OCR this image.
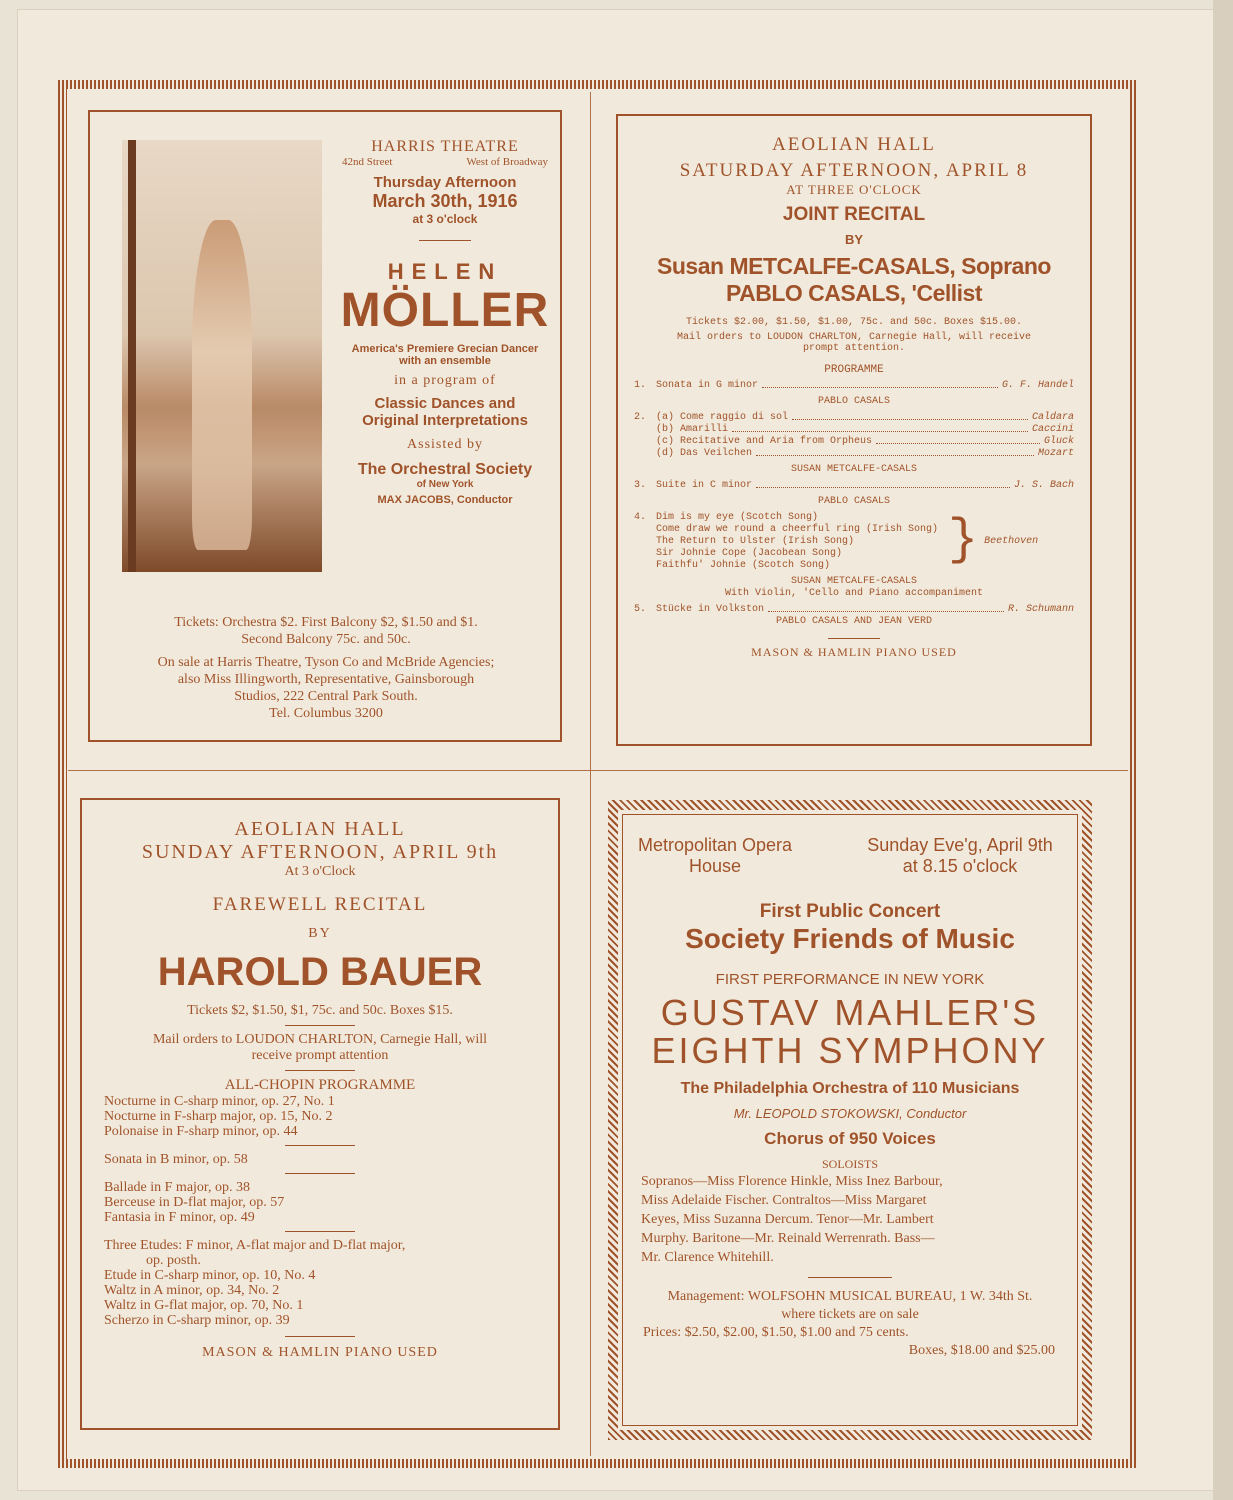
HARRIS THEATRE
42nd Street	West of Broadway
Thursday Afternoon
March 30th, 1916
at 3 o'clock
HELEN
MÖLLER
America's Premiere Grecian Dancer
with an ensemble
in a program of
Classic Dances and
Original Interpretations
Assisted by
The Orchestral Society
of New York
MAX JACOBS, Conductor
Tickets: Orchestra $2. First Balcony $2, $1.50 and $1.
Second Balcony 75c. and 50c.
On sale at Harris Theatre, Tyson Co and McBride Agencies;
also Miss Illingworth, Representative, Gainsborough
Studios, 222 Central Park South.
Tel. Columbus 3200
AEOLIAN HALL
SATURDAY AFTERNOON, APRIL 8
AT THREE O'CLOCK
JOINT RECITAL
BY
Susan METCALFE-CASALS, Soprano
PABLO CASALS, 'Cellist
Tickets $2.00, $1.50, $1.00, 75c. and 50c. Boxes $15.00.
Mail orders to LOUDON CHARLTON, Carnegie Hall, will receive
prompt attention.
PROGRAMME
1. Sonata in G minor	G. F. Handel
PABLO CASALS
2. (a) Come raggio di sol	Caldara
(b) Amarilli	Caccini
(c) Recitative and Aria from Orpheus	Gluck
(d) Das Veilchen	Mozart
SUSAN METCALFE-CASALS
3. Suite in C minor	J. S. Bach
PABLO CASALS
4. Dim is my eye (Scotch Song)
Come draw we round a cheerful ring (Irish Song)
The Return to Ulster (Irish Song)
Sir Johnie Cope (Jacobean Song)
Faithfu' Johnie (Scotch Song)	} Beethoven
SUSAN METCALFE-CASALS
With Violin, 'Cello and Piano accompaniment
5. Stücke in Volkston	R. Schumann
PABLO CASALS AND JEAN VERD
MASON & HAMLIN PIANO USED
AEOLIAN HALL
SUNDAY AFTERNOON, APRIL 9th
At 3 o'Clock
FAREWELL RECITAL
BY
HAROLD BAUER
Tickets $2, $1.50, $1, 75c. and 50c. Boxes $15.
Mail orders to LOUDON CHARLTON, Carnegie Hall, will
receive prompt attention
ALL-CHOPIN PROGRAMME
Nocturne in C-sharp minor, op. 27, No. 1
Nocturne in F-sharp major, op. 15, No. 2
Polonaise in F-sharp minor, op. 44
Sonata in B minor, op. 58
Ballade in F major, op. 38
Berceuse in D-flat major, op. 57
Fantasia in F minor, op. 49
Three Etudes: F minor, A-flat major and D-flat major,
op. posth.
Etude in C-sharp minor, op. 10, No. 4
Waltz in A minor, op. 34, No. 2
Waltz in G-flat major, op. 70, No. 1
Scherzo in C-sharp minor, op. 39
MASON & HAMLIN PIANO USED
Metropolitan Opera
House
Sunday Eve'g, April 9th
at 8.15 o'clock
First Public Concert
Society Friends of Music
FIRST PERFORMANCE IN NEW YORK
GUSTAV MAHLER'S
EIGHTH SYMPHONY
The Philadelphia Orchestra of 110 Musicians
Mr. LEOPOLD STOKOWSKI, Conductor
Chorus of 950 Voices
SOLOISTS
Sopranos—Miss Florence Hinkle, Miss Inez Barbour,
Miss Adelaide Fischer. Contraltos—Miss Margaret
Keyes, Miss Suzanna Dercum. Tenor—Mr. Lambert
Murphy. Baritone—Mr. Reinald Werrenrath. Bass—
Mr. Clarence Whitehill.
Management: WOLFSOHN MUSICAL BUREAU, 1 W. 34th St.
where tickets are on sale
Prices: $2.50, $2.00, $1.50, $1.00 and 75 cents.
Boxes, $18.00 and $25.00
